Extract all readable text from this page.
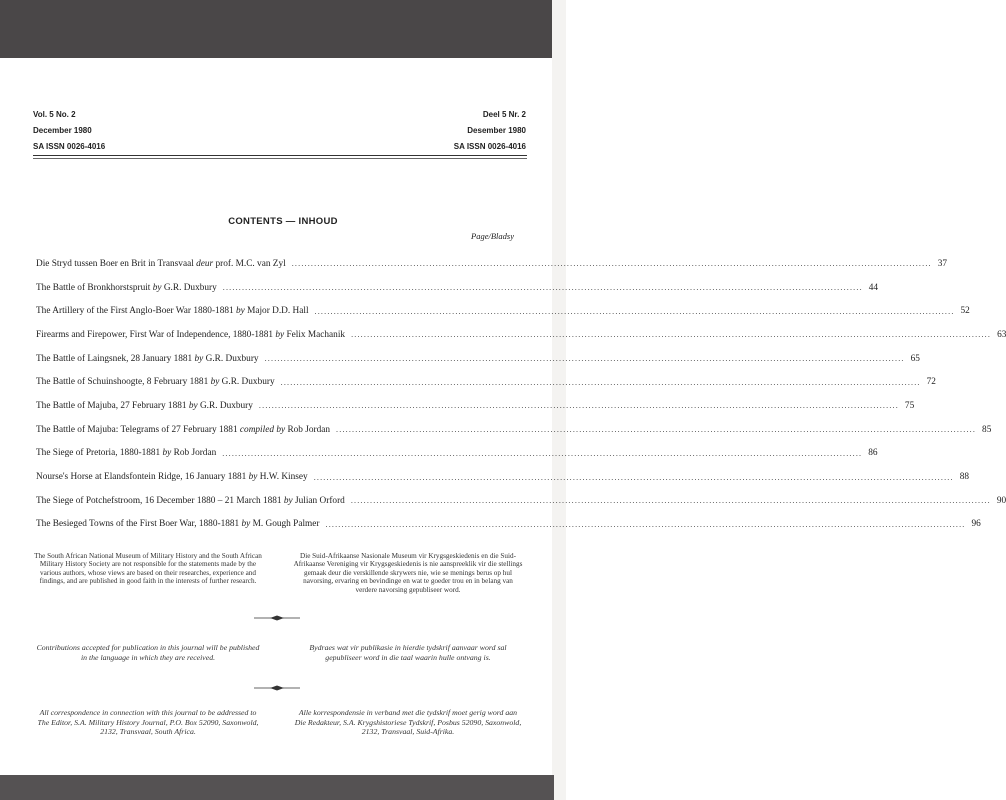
Vol. 5 No. 2
December 1980
SA ISSN 0026-4016
Deel 5 Nr. 2
Desember 1980
SA ISSN 0026-4016
CONTENTS — INHOUD
Page/Bladsy
Die Stryd tussen Boer en Brit in Transvaal deur prof. M.C. van Zyl ........................................................................................................................................................................................................ 37
The Battle of Bronkhorstspruit by G.R. Duxbury ........................................................................................................................................................................................................ 44
The Artillery of the First Anglo-Boer War 1880-1881 by Major D.D. Hall ........................................................................................................................................................................................................ 52
Firearms and Firepower, First War of Independence, 1880-1881 by Felix Machanik ........................................................................................................................................................................................................ 63
The Battle of Laingsnek, 28 January 1881 by G.R. Duxbury ........................................................................................................................................................................................................ 65
The Battle of Schuinshoogte, 8 February 1881 by G.R. Duxbury ........................................................................................................................................................................................................ 72
The Battle of Majuba, 27 February 1881 by G.R. Duxbury ........................................................................................................................................................................................................ 75
The Battle of Majuba: Telegrams of 27 February 1881 compiled by Rob Jordan ........................................................................................................................................................................................................ 85
The Siege of Pretoria, 1880-1881 by Rob Jordan ........................................................................................................................................................................................................ 86
Nourse's Horse at Elandsfontein Ridge, 16 January 1881 by H.W. Kinsey ........................................................................................................................................................................................................ 88
The Siege of Potchefstroom, 16 December 1880 – 21 March 1881 by Julian Orford ........................................................................................................................................................................................................ 90
The Besieged Towns of the First Boer War, 1880-1881 by M. Gough Palmer ........................................................................................................................................................................................................ 96
The South African National Museum of Military History and the South African Military History Society are not responsible for the statements made by the various authors, whose views are based on their researches, experience and findings, and are published in good faith in the interests of further research.
Die Suid-Afrikaanse Nasionale Museum vir Krygsgeskiedenis en die Suid-Afrikaanse Vereniging vir Krygsgeskiedenis is nie aanspreeklik vir die stellings gemaak deur die verskillende skrywers nie, wie se menings berus op hul navorsing, ervaring en bevindinge en wat te goeder trou en in belang van verdere navorsing gepubliseer word.
Contributions accepted for publication in this journal will be published in the language in which they are received.
Bydraes wat vir publikasie in hierdie tydskrif aanvaar word sal gepubliseer word in die taal waarin hulle ontvang is.
All correspondence in connection with this journal to be addressed to The Editor, S.A. Military History Journal, P.O. Box 52090, Saxonwold, 2132, Transvaal, South Africa.
Alle korrespondensie in verband met die tydskrif moet gerig word aan Die Redakteur, S.A. Krygshistoriese Tydskrif, Posbus 52090, Saxonwold, 2132, Transvaal, Suid-Afrika.
